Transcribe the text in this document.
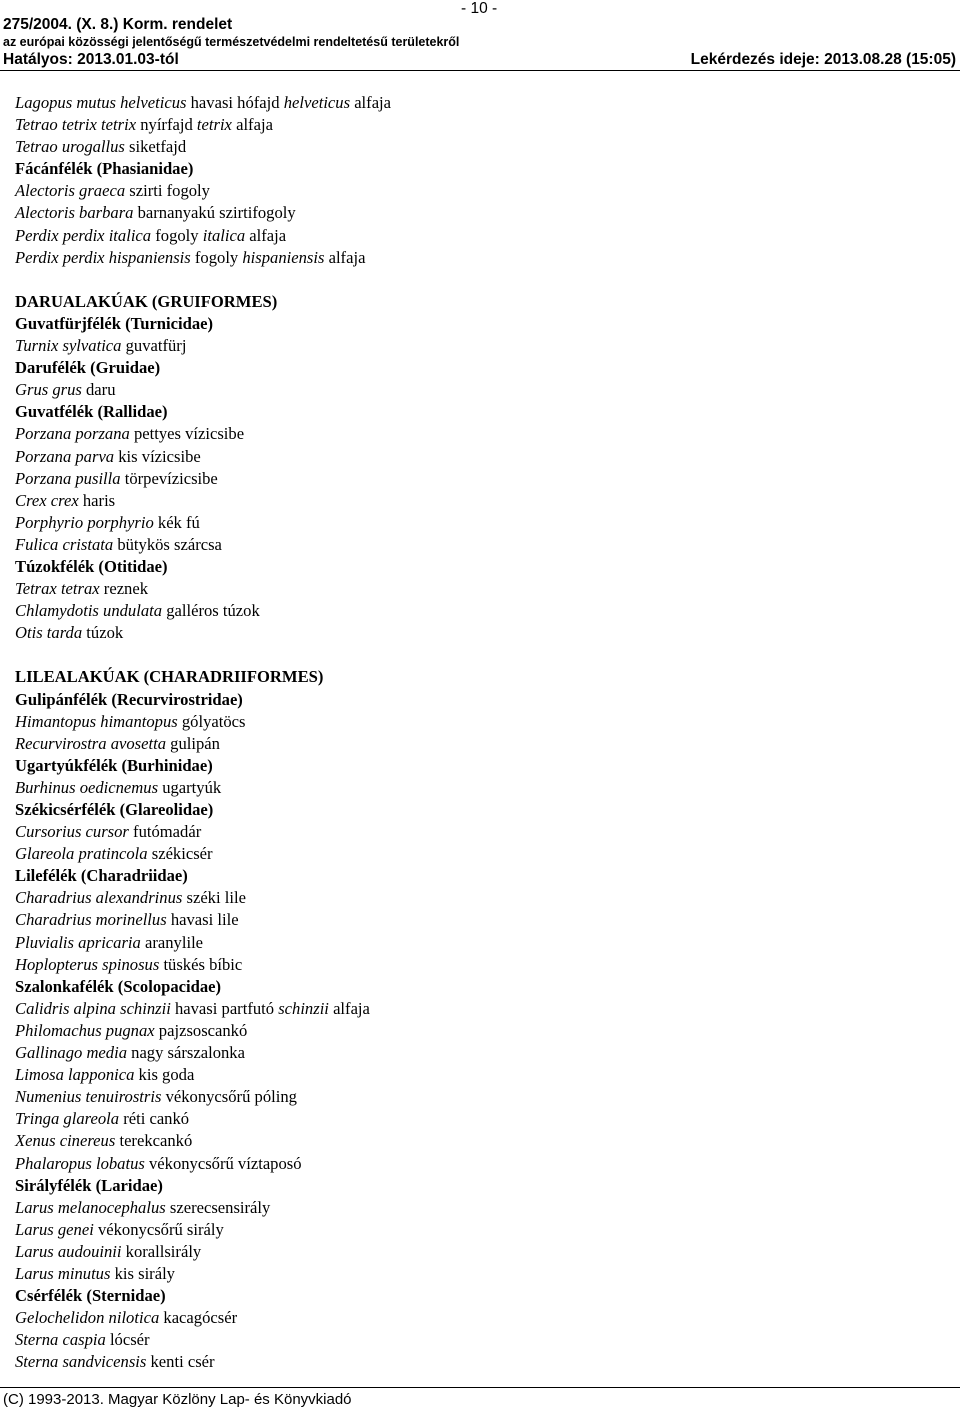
275/2004. (X. 8.) Korm. rendelet
az európai közösségi jelentőségű természetvédelmi rendeltetésű területekről
Hatályos: 2013.01.03-tól
- 10 -
Lekérdezés ideje: 2013.08.28 (15:05)
Lagopus mutus helveticus havasi hófajd helveticus alfaja
Tetrao tetrix tetrix nyírfajd tetrix alfaja
Tetrao urogallus siketfajd
Fácánfélék (Phasianidae)
Alectoris graeca szirti fogoly
Alectoris barbara barnanyakú szirtifogoly
Perdix perdix italica fogoly italica alfaja
Perdix perdix hispaniensis fogoly hispaniensis alfaja
DARUALAKÚAK (GRUIFORMES)
Guvatfürjfélék (Turnicidae)
Turnix sylvatica guvatfürj
Darufélék (Gruidae)
Grus grus daru
Guvatfélék (Rallidae)
Porzana porzana pettyes vízicsibe
Porzana parva kis vízicsibe
Porzana pusilla törpevízicsibe
Crex crex haris
Porphyrio porphyrio kék fú
Fulica cristata bütykös szárcsa
Túzokfélék (Otitidae)
Tetrax tetrax reznek
Chlamydotis undulata galléros túzok
Otis tarda túzok
LILEALAKÚAK (CHARADRIIFORMES)
Gulipánfélék (Recurvirostridae)
Himantopus himantopus gólyatöcs
Recurvirostra avosetta gulipán
Ugartyúkfélék (Burhinidae)
Burhinus oedicnemus ugartyúk
Székicsérfélék (Glareolidae)
Cursorius cursor futómadár
Glareola pratincola székicsér
Lilefélék (Charadriidae)
Charadrius alexandrinus széki lile
Charadrius morinellus havasi lile
Pluvialis apricaria aranylile
Hoplopterus spinosus tüskés bíbic
Szalonkafélék (Scolopacidae)
Calidris alpina schinzii havasi partfutó schinzii alfaja
Philomachus pugnax pajzsoscankó
Gallinago media nagy sárszalonka
Limosa lapponica kis goda
Numenius tenuirostris vékonycsőrű póling
Tringa glareola réti cankó
Xenus cinereus terekcankó
Phalaropus lobatus vékonycsőrű víztaposó
Sirályfélék (Laridae)
Larus melanocephalus szerecsensirály
Larus genei vékonycsőrű sirály
Larus audouinii korallsirály
Larus minutus kis sirály
Csérfélék (Sternidae)
Gelochelidon nilotica kacagócsér
Sterna caspia lócsér
Sterna sandvicensis kenti csér
(C) 1993-2013. Magyar Közlöny Lap- és Könyvkiadó
